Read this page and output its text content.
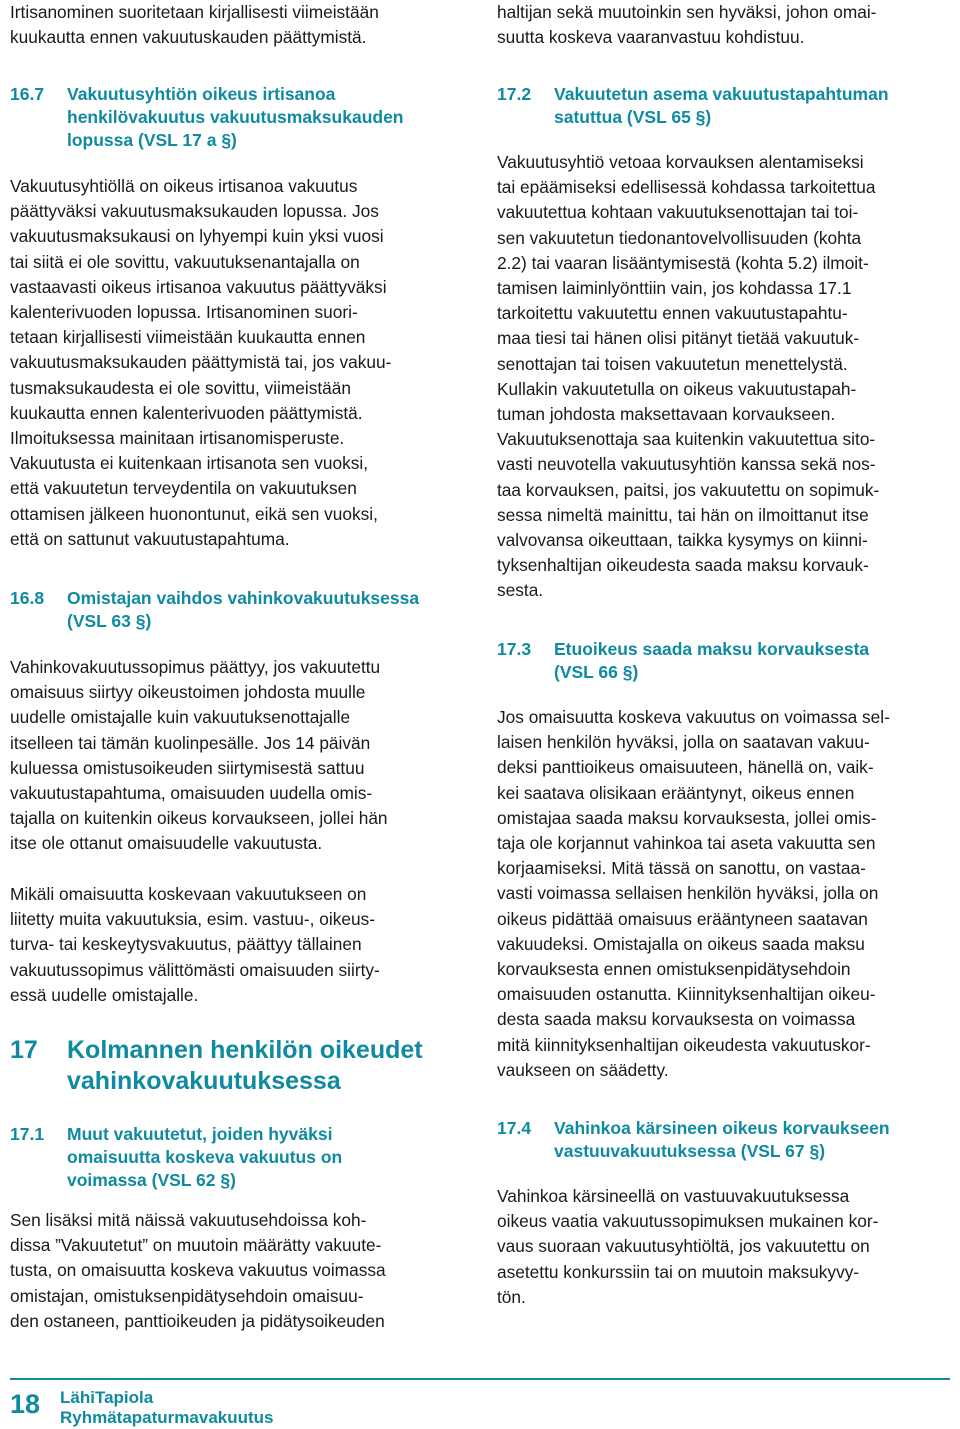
Irtisanominen suoritetaan kirjallisesti viimeistään
kuukautta ennen vakuutuskauden päättymistä.

16.7	Vakuutusyhtiön oikeus irtisanoa
henkilövakuutus vakuutusmaksukauden
lopussa (VSL 17 a §)

Vakuutusyhtiöllä on oikeus irtisanoa vakuutus
päättyväksi vakuutusmaksukauden lopussa. Jos
vakuutusmaksukausi on lyhyempi kuin yksi vuosi
tai siitä ei ole sovittu, vakuutuksenantajalla on
vastaavasti oikeus irtisanoa vakuutus päättyväksi
kalenterivuoden lopussa. Irtisanominen suori-
tetaan kirjallisesti viimeistään kuukautta ennen
vakuutusmaksukauden päättymistä tai, jos vakuu-
tusmaksukaudesta ei ole sovittu, viimeistään
kuukautta ennen kalenterivuoden päättymistä.
Ilmoituksessa mainitaan irtisanomisperuste.
Vakuutusta ei kuitenkaan irtisanota sen vuoksi,
että vakuutetun terveydentila on vakuutuksen
ottamisen jälkeen huonontunut, eikä sen vuoksi,
että on sattunut vakuutustapahtuma.

16.8	Omistajan vaihdos vahinkovakuutuksessa
(VSL 63 §)

Vahinkovakuutussopimus päättyy, jos vakuutettu
omaisuus siirtyy oikeustoimen johdosta muulle
uudelle omistajalle kuin vakuutuksenottajalle
itselleen tai tämän kuolinpesälle. Jos 14 päivän
kuluessa omistusoikeuden siirtymisestä sattuu
vakuutustapahtuma, omaisuuden uudella omis-
tajalla on kuitenkin oikeus korvaukseen, jollei hän
itse ole ottanut omaisuudelle vakuutusta.

Mikäli omaisuutta koskevaan vakuutukseen on
liitetty muita vakuutuksia, esim. vastuu-, oikeus-
turva- tai keskeytysvakuutus, päättyy tällainen
vakuutussopimus välittömästi omaisuuden siirty-
essä uudelle omistajalle.

17	Kolmannen henkilön oikeudet
vahinkovakuutuksessa
17.1	Muut vakuutetut, joiden hyväksi
omaisuutta koskeva vakuutus on
voimassa (VSL 62 §)

Sen lisäksi mitä näissä vakuutusehdoissa koh-
dissa ”Vakuutetut” on muutoin määrätty vakuute-
tusta, on omaisuutta koskeva vakuutus voimassa
omistajan, omistuksenpidätysehdoin omaisuu-
den ostaneen, panttioikeuden ja pidätysoikeuden

haltijan sekä muutoinkin sen hyväksi, johon omai-
suutta koskeva vaaranvastuu kohdistuu.

17.2	Vakuutetun asema vakuutustapahtuman
satuttua (VSL 65 §)

Vakuutusyhtiö vetoaa korvauksen alentamiseksi
tai epäämiseksi edellisessä kohdassa tarkoitettua
vakuutettua kohtaan vakuutuksenottajan tai toi-
sen vakuutetun tiedonantovelvollisuuden (kohta
2.2) tai vaaran lisääntymisestä (kohta 5.2) ilmoit-
tamisen laiminlyönttiin vain, jos kohdassa 17.1
tarkoitettu vakuutettu ennen vakuutustapahtu-
maa tiesi tai hänen olisi pitänyt tietää vakuutuk-
senottajan tai toisen vakuutetun menettelystä.
Kullakin vakuutetulla on oikeus vakuutustapah-
tuman johdosta maksettavaan korvaukseen.
Vakuutuksenottaja saa kuitenkin vakuutettua sito-
vasti neuvotella vakuutusyhtiön kanssa sekä nos-
taa korvauksen, paitsi, jos vakuutettu on sopimuk-
sessa nimeltä mainittu, tai hän on ilmoittanut itse
valvovansa oikeuttaan, taikka kysymys on kiinni-
tyksenhaltijan oikeudesta saada maksu korvauk-
sesta.

17.3	Etuoikeus saada maksu korvauksesta
(VSL 66 §)

Jos omaisuutta koskeva vakuutus on voimassa sel-
laisen henkilön hyväksi, jolla on saatavan vakuu-
deksi panttioikeus omaisuuteen, hänellä on, vaik-
kei saatava olisikaan erääntynyt, oikeus ennen
omistajaa saada maksu korvauksesta, jollei omis-
taja ole korjannut vahinkoa tai aseta vakuutta sen
korjaamiseksi. Mitä tässä on sanottu, on vastaa-
vasti voimassa sellaisen henkilön hyväksi, jolla on
oikeus pidättää omaisuus erääntyneen saatavan
vakuudeksi. Omistajalla on oikeus saada maksu
korvauksesta ennen omistuksenpidätysehdoin
omaisuuden ostanutta. Kiinnityksenhaltijan oikeu-
desta saada maksu korvauksesta on voimassa
mitä kiinnityksenhaltijan oikeudesta vakuutuskor-
vaukseen on säädetty.

17.4	Vahinkoa kärsineen oikeus korvaukseen
vastuuvakuutuksessa (VSL 67 §)

Vahinkoa kärsineellä on vastuuvakuutuksessa
oikeus vaatia vakuutussopimuksen mukainen kor-
vaus suoraan vakuutusyhtiöltä, jos vakuutettu on
asetettu konkurssiin tai on muutoin maksukyvy-
tön.

18 LähiTapiola
Ryhmätapaturmavakuutus
